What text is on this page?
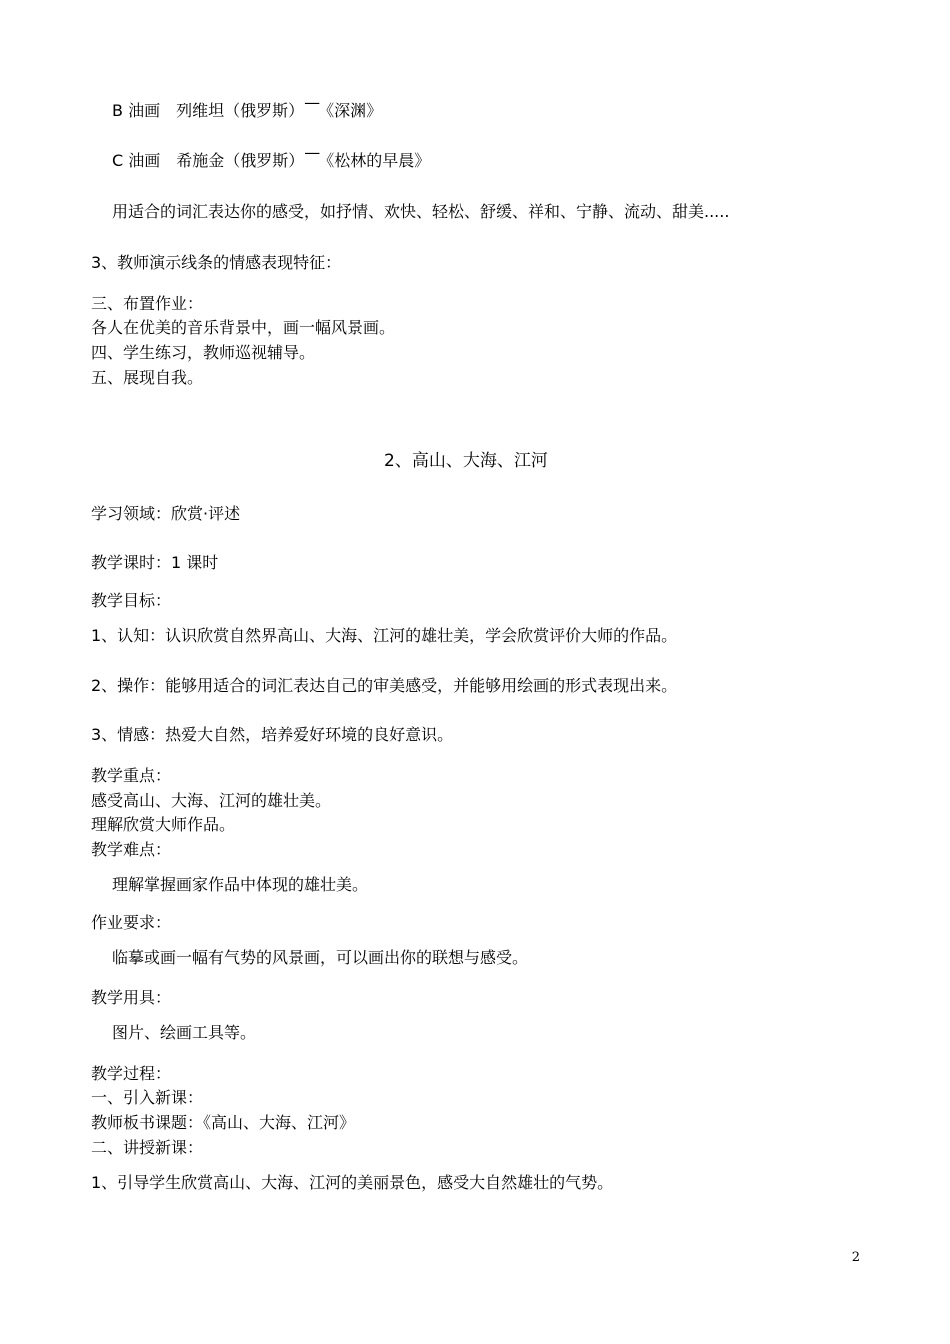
B 油画　列维坦（俄罗斯）—《深渊》
C 油画　希施金（俄罗斯）—《松林的早晨》
用适合的词汇表达你的感受，如抒情、欢快、轻松、舒缓、祥和、宁静、流动、甜美.....
3、教师演示线条的情感表现特征：
三、布置作业：
各人在优美的音乐背景中，画一幅风景画。
四、学生练习，教师巡视辅导。
五、展现自我。
2、高山、大海、江河
学习领域：欣赏·评述
教学课时：1 课时
教学目标：
1、认知：认识欣赏自然界高山、大海、江河的雄壮美，学会欣赏评价大师的作品。
2、操作：能够用适合的词汇表达自己的审美感受，并能够用绘画的形式表现出来。
3、情感：热爱大自然，培养爱好环境的良好意识。
教学重点：
感受高山、大海、江河的雄壮美。
理解欣赏大师作品。
教学难点：
理解掌握画家作品中体现的雄壮美。
作业要求：
临摹或画一幅有气势的风景画，可以画出你的联想与感受。
教学用具：
图片、绘画工具等。
教学过程：
一、引入新课：
教师板书课题：《高山、大海、江河》
二、讲授新课：
1、引导学生欣赏高山、大海、江河的美丽景色，感受大自然雄壮的气势。
2
